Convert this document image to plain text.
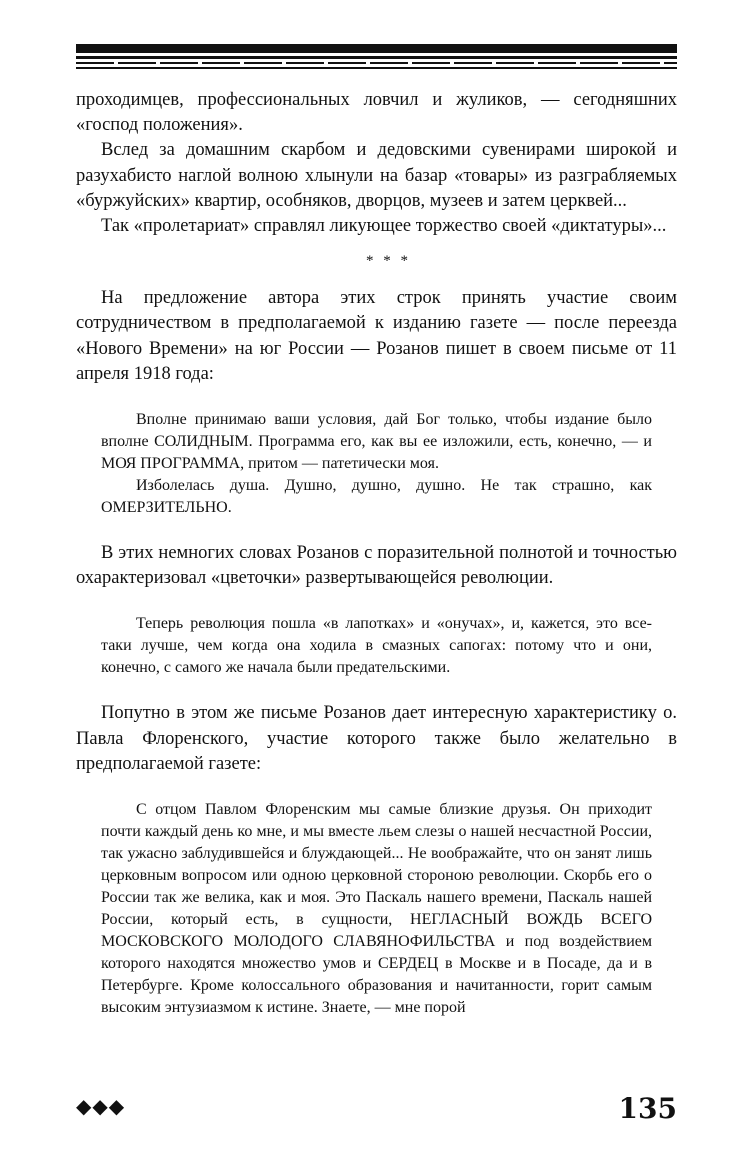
проходимцев, профессиональных ловчил и жуликов, — сегодняшних «господ положения».

Вслед за домашним скарбом и дедовскими сувенирами широкой и разухабисто наглой волною хлынули на базар «товары» из разграбляемых «буржуйских» квартир, особняков, дворцов, музеев и затем церквей...

Так «пролетариат» справлял ликующее торжество своей «диктатуры»...

* * *

На предложение автора этих строк принять участие своим сотрудничеством в предполагаемой к изданию газете — после переезда «Нового Времени» на юг России — Розанов пишет в своем письме от 11 апреля 1918 года:

Вполне принимаю ваши условия, дай Бог только, чтобы издание было вполне СОЛИДНЫМ. Программа его, как вы ее изложили, есть, конечно, — и МОЯ ПРОГРАММА, притом — патетически моя.

Изболелась душа. Душно, душно, душно. Не так страшно, как ОМЕРЗИТЕЛЬНО.

В этих немногих словах Розанов с поразительной полнотой и точностью охарактеризовал «цветочки» развертывающейся революции.

Теперь революция пошла «в лапотках» и «онучах», и, кажется, это все-таки лучше, чем когда она ходила в смазных сапогах: потому что и они, конечно, с самого же начала были предательскими.

Попутно в этом же письме Розанов дает интересную характеристику о. Павла Флоренского, участие которого также было желательно в предполагаемой газете:

С отцом Павлом Флоренским мы самые близкие друзья. Он приходит почти каждый день ко мне, и мы вместе льем слезы о нашей несчастной России, так ужасно заблудившейся и блуждающей... Не воображайте, что он занят лишь церковным вопросом или одною церковной стороною революции. Скорбь его о России так же велика, как и моя. Это Паскаль нашего времени, Паскаль нашей России, который есть, в сущности, НЕГЛАСНЫЙ ВОЖДЬ ВСЕГО МОСКОВСКОГО МОЛОДОГО СЛАВЯНОФИЛЬСТВА и под воздействием которого находятся множество умов и СЕРДЕЦ в Москве и в Посаде, да и в Петербурге. Кроме колоссального образования и начитанности, горит самым высоким энтузиазмом к истине. Знаете, — мне порой

◆◆◆	135
